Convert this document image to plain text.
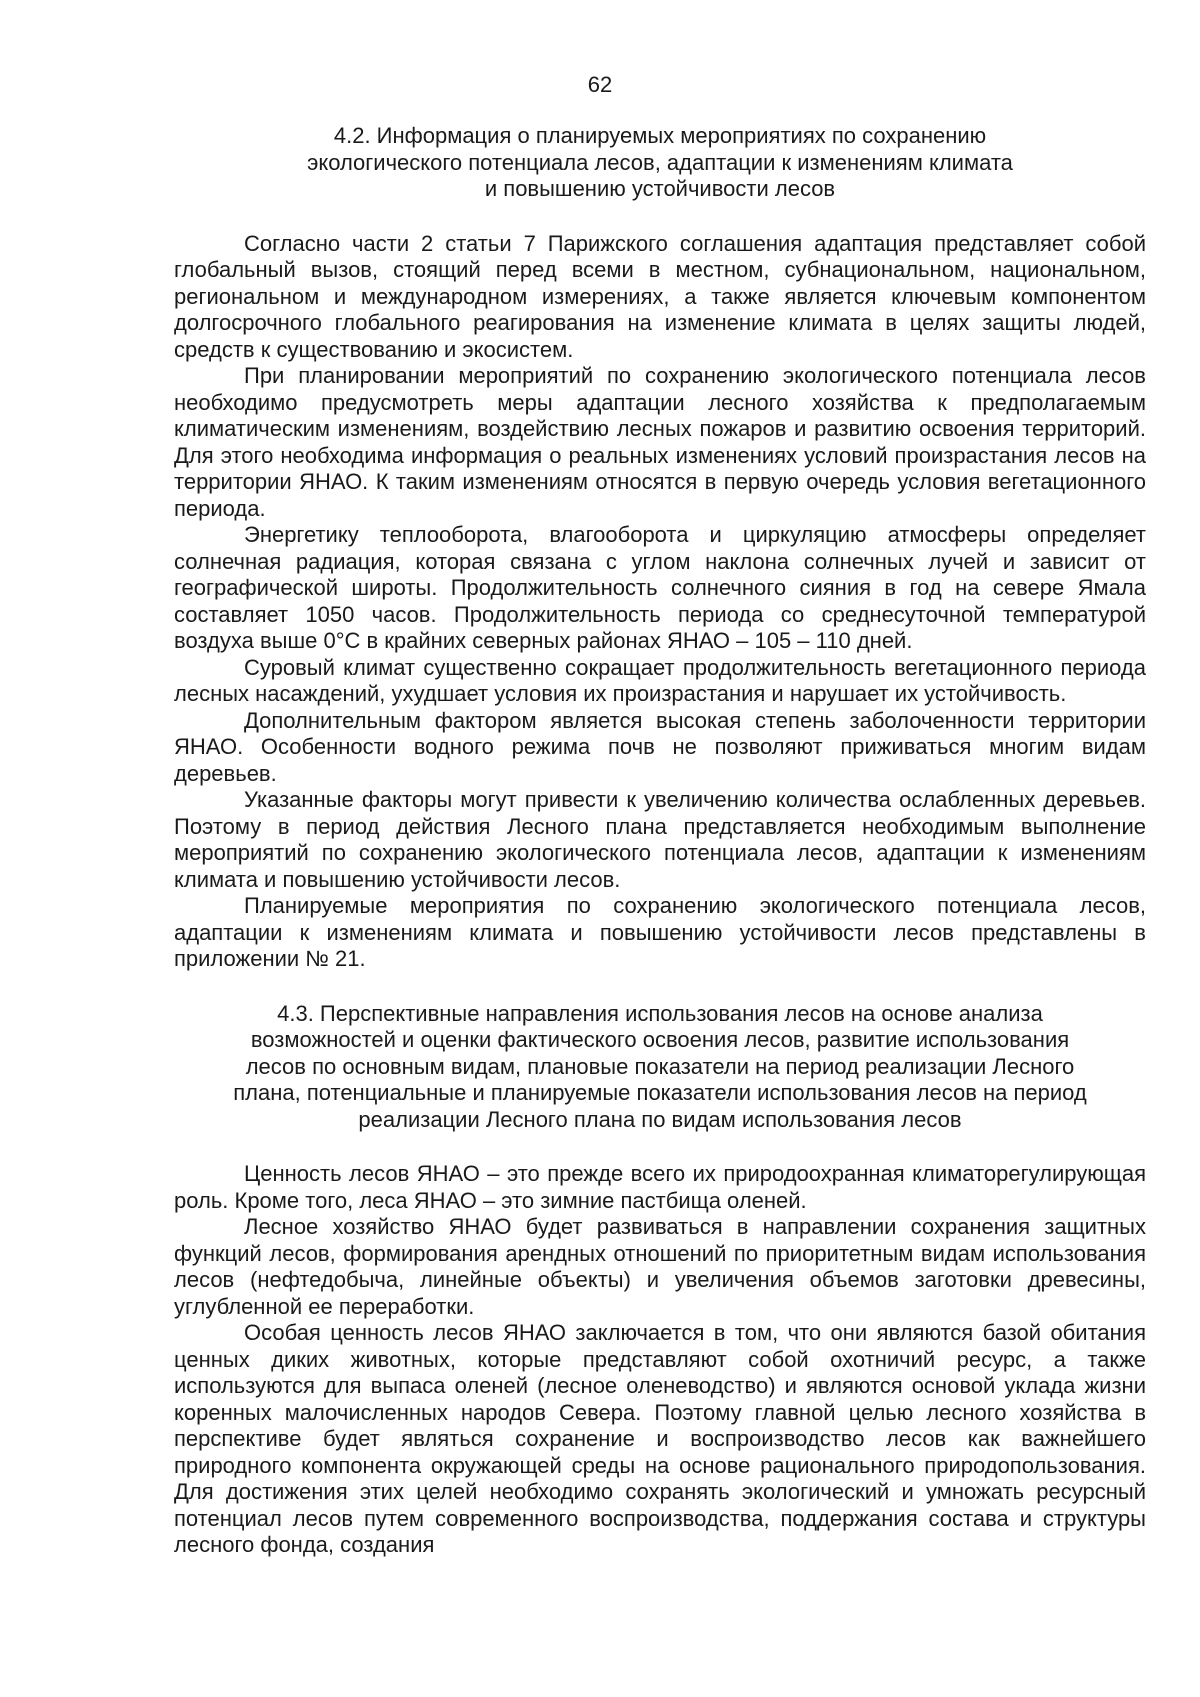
62
4.2. Информация о планируемых мероприятиях по сохранению
экологического потенциала лесов, адаптации к изменениям климата
и повышению устойчивости лесов

Согласно части 2 статьи 7 Парижского соглашения адаптация представляет собой глобальный вызов, стоящий перед всеми в местном, субнациональном, национальном, региональном и международном измерениях, а также является ключевым компонентом долгосрочного глобального реагирования на изменение климата в целях защиты людей, средств к существованию и экосистем.

При планировании мероприятий по сохранению экологического потенциала лесов необходимо предусмотреть меры адаптации лесного хозяйства к предполагаемым климатическим изменениям, воздействию лесных пожаров и развитию освоения территорий. Для этого необходима информация о реальных изменениях условий произрастания лесов на территории ЯНАО. К таким изменениям относятся в первую очередь условия вегетационного периода.

Энергетику теплооборота, влагооборота и циркуляцию атмосферы определяет солнечная радиация, которая связана с углом наклона солнечных лучей и зависит от географической широты. Продолжительность солнечного сияния в год на севере Ямала составляет 1050 часов. Продолжительность периода со среднесуточной температурой воздуха выше 0°С в крайних северных районах ЯНАО – 105 – 110 дней.

Суровый климат существенно сокращает продолжительность вегетационного периода лесных насаждений, ухудшает условия их произрастания и нарушает их устойчивость.

Дополнительным фактором является высокая степень заболоченности территории ЯНАО. Особенности водного режима почв не позволяют приживаться многим видам деревьев.

Указанные факторы могут привести к увеличению количества ослабленных деревьев. Поэтому в период действия Лесного плана представляется необходимым выполнение мероприятий по сохранению экологического потенциала лесов, адаптации к изменениям климата и повышению устойчивости лесов.

Планируемые мероприятия по сохранению экологического потенциала лесов, адаптации к изменениям климата и повышению устойчивости лесов представлены в приложении № 21.

4.3. Перспективные направления использования лесов на основе анализа
возможностей и оценки фактического освоения лесов, развитие использования
лесов по основным видам, плановые показатели на период реализации Лесного
плана, потенциальные и планируемые показатели использования лесов на период
реализации Лесного плана по видам использования лесов

Ценность лесов ЯНАО – это прежде всего их природоохранная климаторегулирующая роль. Кроме того, леса ЯНАО – это зимние пастбища оленей.

Лесное хозяйство ЯНАО будет развиваться в направлении сохранения защитных функций лесов, формирования арендных отношений по приоритетным видам использования лесов (нефтедобыча, линейные объекты) и увеличения объемов заготовки древесины, углубленной ее переработки.

Особая ценность лесов ЯНАО заключается в том, что они являются базой обитания ценных диких животных, которые представляют собой охотничий ресурс, а также используются для выпаса оленей (лесное оленеводство) и являются основой уклада жизни коренных малочисленных народов Севера. Поэтому главной целью лесного хозяйства в перспективе будет являться сохранение и воспроизводство лесов как важнейшего природного компонента окружающей среды на основе рационального природопользования. Для достижения этих целей необходимо сохранять экологический и умножать ресурсный потенциал лесов путем современного воспроизводства, поддержания состава и структуры лесного фонда, создания
